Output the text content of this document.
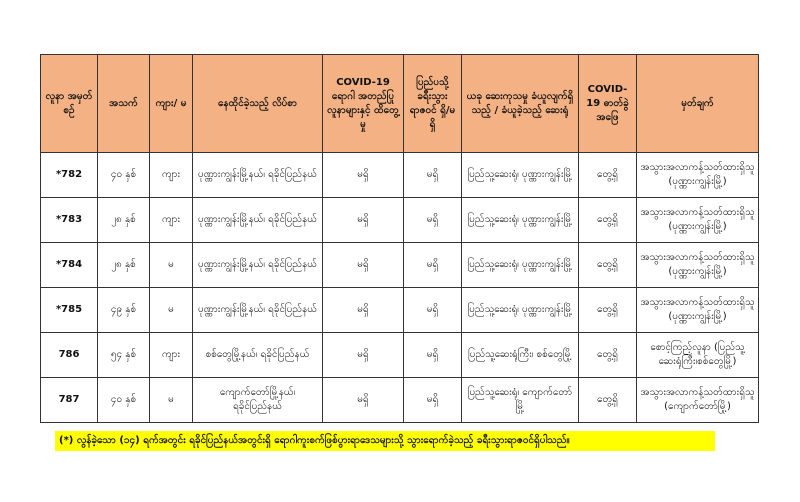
လူနာ အမှတ် စဉ်	အသက်	ကျား/ မ	နေထိုင်ခဲ့သည့် လိပ်စာ	COVID-19 ရောဂါ အတည်ပြု လူနာများနှင့် ထိတွေ့မှု	ပြည်ပသို့ ခရီးသွား ရာဇဝင် ရှိ/မရှိ	ယခု ဆေးကုသမှု ခံယူလျက်ရှိသည့် / ခံယူခဲ့သည့် ဆေးရုံ	COVID-19 ဓာတ်ခွဲ အဖြေ	မှတ်ချက်
*782	၄၀ နှစ်	ကျား	ပုဏ္ဏားကျွန်းမြို့နယ်၊ ရခိုင်ပြည်နယ်	မရှိ	မရှိ	ပြည်သူ့ဆေးရုံ၊ ပုဏ္ဏားကျွန်းမြို့	တွေ့ရှိ	အသွားအလာကန့်သတ်ထားရှိသူ (ပုဏ္ဏားကျွန်းမြို့)
*783	၂၈ နှစ်	ကျား	ပုဏ္ဏားကျွန်းမြို့နယ်၊ ရခိုင်ပြည်နယ်	မရှိ	မရှိ	ပြည်သူ့ဆေးရုံ၊ ပုဏ္ဏားကျွန်းမြို့	တွေ့ရှိ	အသွားအလာကန့်သတ်ထားရှိသူ (ပုဏ္ဏားကျွန်းမြို့)
*784	၂၈ နှစ်	မ	ပုဏ္ဏားကျွန်းမြို့နယ်၊ ရခိုင်ပြည်နယ်	မရှိ	မရှိ	ပြည်သူ့ဆေးရုံ၊ ပုဏ္ဏားကျွန်းမြို့	တွေ့ရှိ	အသွားအလာကန့်သတ်ထားရှိသူ (ပုဏ္ဏားကျွန်းမြို့)
*785	၄၉ နှစ်	မ	ပုဏ္ဏားကျွန်းမြို့နယ်၊ ရခိုင်ပြည်နယ်	မရှိ	မရှိ	ပြည်သူ့ဆေးရုံ၊ ပုဏ္ဏားကျွန်းမြို့	တွေ့ရှိ	အသွားအလာကန့်သတ်ထားရှိသူ (ပုဏ္ဏားကျွန်းမြို့)
786	၅၄ နှစ်	ကျား	စစ်တွေမြို့နယ်၊ ရခိုင်ပြည်နယ်	မရှိ	မရှိ	ပြည်သူ့ဆေးရုံကြီး၊ စစ်တွေမြို့	တွေ့ရှိ	စောင့်ကြည့်လူနာ (ပြည်သူ့ဆေးရုံကြီး၊စစ်တွေမြို့)
787	၄၀ နှစ်	မ	ကျောက်တော်မြို့နယ်၊ ရခိုင်ပြည်နယ်	မရှိ	မရှိ	ပြည်သူ့ဆေးရုံ၊ ကျောက်တော်မြို့	တွေ့ရှိ	အသွားအလာကန့်သတ်ထားရှိသူ (ကျောက်တော်မြို့)
(*) လွန်ခဲ့သော (၁၄) ရက်အတွင်း ရခိုင်ပြည်နယ်အတွင်းရှိ ရောဂါကူးစက်ဖြစ်ပွားရာဒေသများသို့ သွားရောက်ခဲ့သည့် ခရီးသွားရာဇဝင်ရှိပါသည်။
